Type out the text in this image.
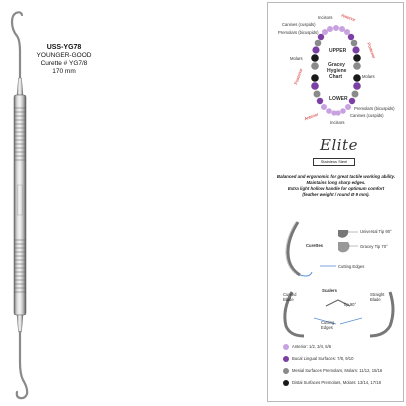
USS-YG78
YOUNGER-GOOD
Curette # YG7/8
170 mm
UPPER
Gracey
Hygiene
Chart
LOWER
Incisors Anterior
Canines (cuspids)
Premolars (bicuspids)
Molars
Posterior	Molars
Posterior
Premolars (bicuspids)
Canines (cuspids)
Anterior
Incisors
Elite
Stainless Steel
Balanced and ergonomic for great tactile working ability.
Maintains long sharp edges.
Extra light hollow handle for optimum comfort
(feather weight / round Ø 9 mm).
Curettes
Universal Tip 90°
Gracey Tip 70°
Cutting Edges
Scalers
Curved Blade
Straight Blade
Tip 90°
Cutting Edges
Anterior: 1/2, 3/4, 5/6
Bucal Lingual Surfaces: 7/8, 9/10
Mesial Surfaces Premolars, Molars: 11/12, 15/16
Distal Surfaces Premolars, Molars: 13/14, 17/18
